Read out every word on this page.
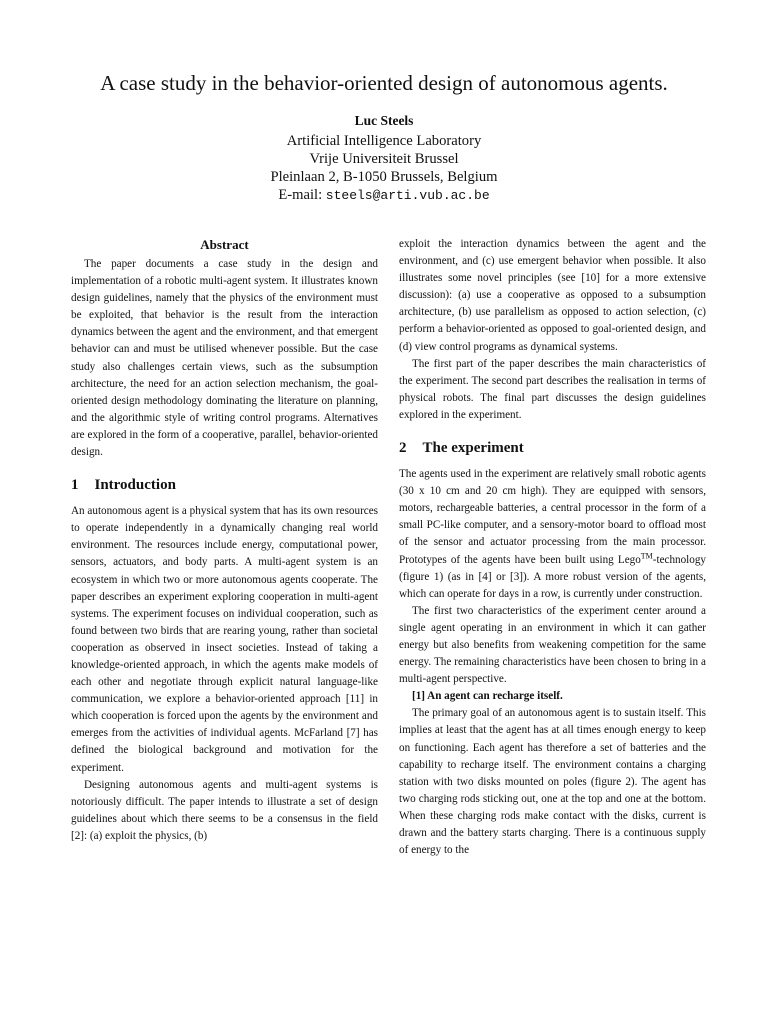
A case study in the behavior-oriented design of autonomous agents.
Luc Steels
Artificial Intelligence Laboratory
Vrije Universiteit Brussel
Pleinlaan 2, B-1050 Brussels, Belgium
E-mail: steels@arti.vub.ac.be
Abstract

The paper documents a case study in the design and implementation of a robotic multi-agent system. It illustrates known design guidelines, namely that the physics of the environment must be exploited, that behavior is the result from the interaction dynamics between the agent and the environment, and that emergent behavior can and must be utilised whenever possible. But the case study also challenges certain views, such as the subsumption architecture, the need for an action selection mechanism, the goal-oriented design methodology dominating the literature on planning, and the algorithmic style of writing control programs. Alternatives are explored in the form of a cooperative, parallel, behavior-oriented design.

1 Introduction

An autonomous agent is a physical system that has its own resources to operate independently in a dynamically changing real world environment. The resources include energy, computational power, sensors, actuators, and body parts. A multi-agent system is an ecosystem in which two or more autonomous agents cooperate. The paper describes an experiment exploring cooperation in multi-agent systems. The experiment focuses on individual cooperation, such as found between two birds that are rearing young, rather than societal cooperation as observed in insect societies. Instead of taking a knowledge-oriented approach, in which the agents make models of each other and negotiate through explicit natural language-like communication, we explore a behavior-oriented approach [11] in which cooperation is forced upon the agents by the environment and emerges from the activities of individual agents. McFarland [7] has defined the biological background and motivation for the experiment.

Designing autonomous agents and multi-agent systems is notoriously difficult. The paper intends to illustrate a set of design guidelines about which there seems to be a consensus in the field [2]: (a) exploit the physics, (b)

exploit the interaction dynamics between the agent and the environment, and (c) use emergent behavior when possible. It also illustrates some novel principles (see [10] for a more extensive discussion): (a) use a cooperative as opposed to a subsumption architecture, (b) use parallelism as opposed to action selection, (c) perform a behavior-oriented as opposed to goal-oriented design, and (d) view control programs as dynamical systems.

The first part of the paper describes the main characteristics of the experiment. The second part describes the realisation in terms of physical robots. The final part discusses the design guidelines explored in the experiment.

2 The experiment

The agents used in the experiment are relatively small robotic agents (30 x 10 cm and 20 cm high). They are equipped with sensors, motors, rechargeable batteries, a central processor in the form of a small PC-like computer, and a sensory-motor board to offload most of the sensor and actuator processing from the main processor. Prototypes of the agents have been built using Lego™-technology (figure 1) (as in [4] or [3]). A more robust version of the agents, which can operate for days in a row, is currently under construction.

The first two characteristics of the experiment center around a single agent operating in an environment in which it can gather energy but also benefits from weakening competition for the same energy. The remaining characteristics have been chosen to bring in a multi-agent perspective.

[1] An agent can recharge itself.

The primary goal of an autonomous agent is to sustain itself. This implies at least that the agent has at all times enough energy to keep on functioning. Each agent has therefore a set of batteries and the capability to recharge itself. The environment contains a charging station with two disks mounted on poles (figure 2). The agent has two charging rods sticking out, one at the top and one at the bottom. When these charging rods make contact with the disks, current is drawn and the battery starts charging. There is a continuous supply of energy to the
